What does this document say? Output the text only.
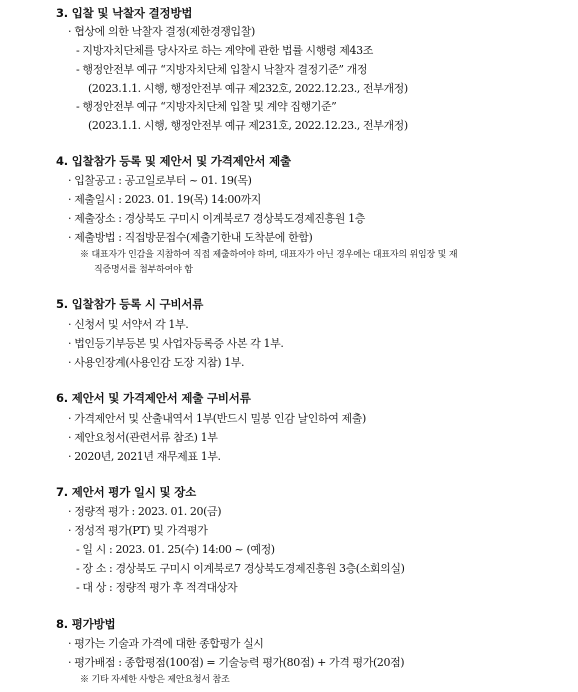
3. 입찰 및 낙찰자 결정방법

· 협상에 의한 낙찰자 결정(제한경쟁입찰)

- 지방자치단체를 당사자로 하는 계약에 관한 법률 시행령 제43조

- 행정안전부 예규 “지방자치단체 입찰시 낙찰자 결정기준” 개정

(2023.1.1. 시행, 행정안전부 예규 제232호, 2022.12.23., 전부개정)

- 행정안전부 예규 “지방자치단체 입찰 및 계약 집행기준”

(2023.1.1. 시행, 행정안전부 예규 제231호, 2022.12.23., 전부개정)

4. 입찰참가 등록 및 제안서 및 가격제안서 제출

· 입찰공고 : 공고일로부터 ~ 01. 19(목)

· 제출일시 : 2023. 01. 19(목) 14:00까지

· 제출장소 : 경상북도 구미시 이계북로7 경상북도경제진흥원 1층

· 제출방법 : 직접방문접수(제출기한내 도착분에 한함)

※ 대표자가 인감을 지참하여 직접 제출하여야 하며, 대표자가 아닌 경우에는 대표자의 위임장 및 재

직증명서를 첨부하여야 함

5. 입찰참가 등록 시 구비서류

· 신청서 및 서약서 각 1부.

· 법인등기부등본 및 사업자등록증 사본 각 1부.

· 사용인장계(사용인감 도장 지참) 1부.

6. 제안서 및 가격제안서 제출 구비서류

· 가격제안서 및 산출내역서 1부(반드시 밀봉 인감 날인하여 제출)

· 제안요청서(관련서류 참조) 1부

· 2020년, 2021년 재무제표 1부.

7. 제안서 평가 일시 및 장소

· 정량적 평가 : 2023. 01. 20(금)

· 정성적 평가(PT) 및 가격평가

- 일 시 : 2023. 01. 25(수) 14:00 ~ (예정)

- 장 소 : 경상북도 구미시 이계북로7 경상북도경제진흥원 3층(소회의실)

- 대 상 : 정량적 평가 후 적격대상자

8. 평가방법

· 평가는 기술과 가격에 대한 종합평가 실시

· 평가배점 : 종합평점(100점) = 기술능력 평가(80점) + 가격 평가(20점)

※ 기타 자세한 사항은 제안요청서 참조
